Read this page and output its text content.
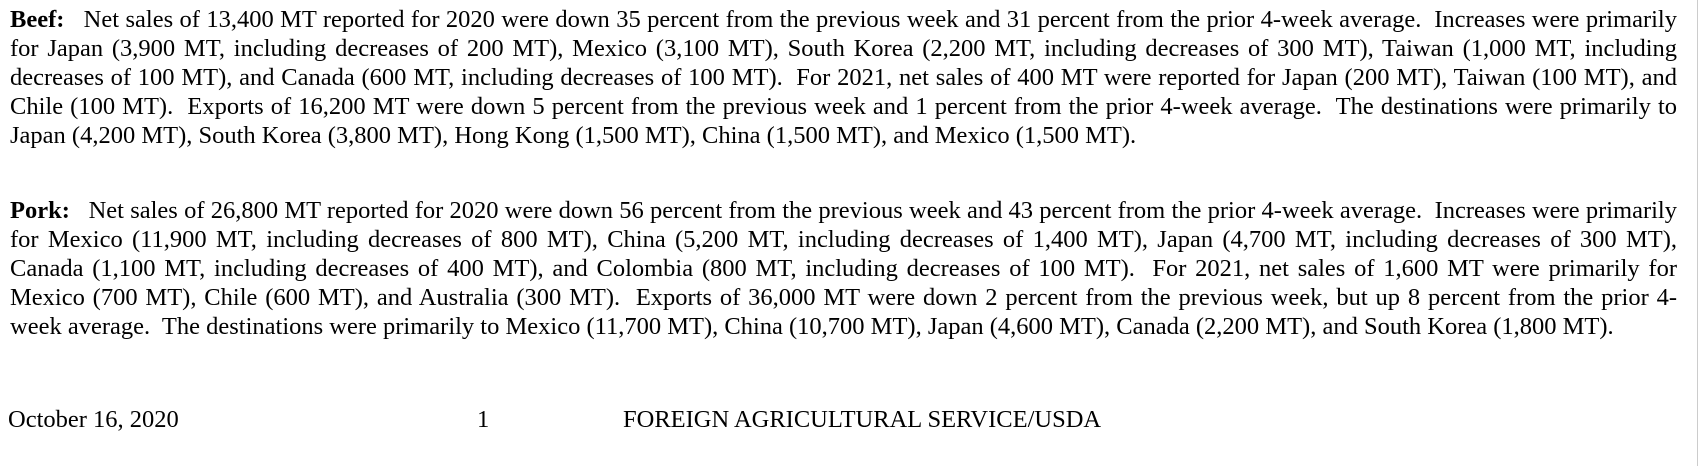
Beef:   Net sales of 13,400 MT reported for 2020 were down 35 percent from the previous week and 31 percent from the prior 4-week average.  Increases were primarily for Japan (3,900 MT, including decreases of 200 MT), Mexico (3,100 MT), South Korea (2,200 MT, including decreases of 300 MT), Taiwan (1,000 MT, including decreases of 100 MT), and Canada (600 MT, including decreases of 100 MT).  For 2021, net sales of 400 MT were reported for Japan (200 MT), Taiwan (100 MT), and Chile (100 MT).  Exports of 16,200 MT were down 5 percent from the previous week and 1 percent from the prior 4-week average.  The destinations were primarily to Japan (4,200 MT), South Korea (3,800 MT), Hong Kong (1,500 MT), China (1,500 MT), and Mexico (1,500 MT).
Pork:   Net sales of 26,800 MT reported for 2020 were down 56 percent from the previous week and 43 percent from the prior 4-week average.  Increases were primarily for Mexico (11,900 MT, including decreases of 800 MT), China (5,200 MT, including decreases of 1,400 MT), Japan (4,700 MT, including decreases of 300 MT), Canada (1,100 MT, including decreases of 400 MT), and Colombia (800 MT, including decreases of 100 MT).  For 2021, net sales of 1,600 MT were primarily for Mexico (700 MT), Chile (600 MT), and Australia (300 MT).  Exports of 36,000 MT were down 2 percent from the previous week, but up 8 percent from the prior 4-week average.  The destinations were primarily to Mexico (11,700 MT), China (10,700 MT), Japan (4,600 MT), Canada (2,200 MT), and South Korea (1,800 MT).
October 16, 2020	1	FOREIGN AGRICULTURAL SERVICE/USDA
